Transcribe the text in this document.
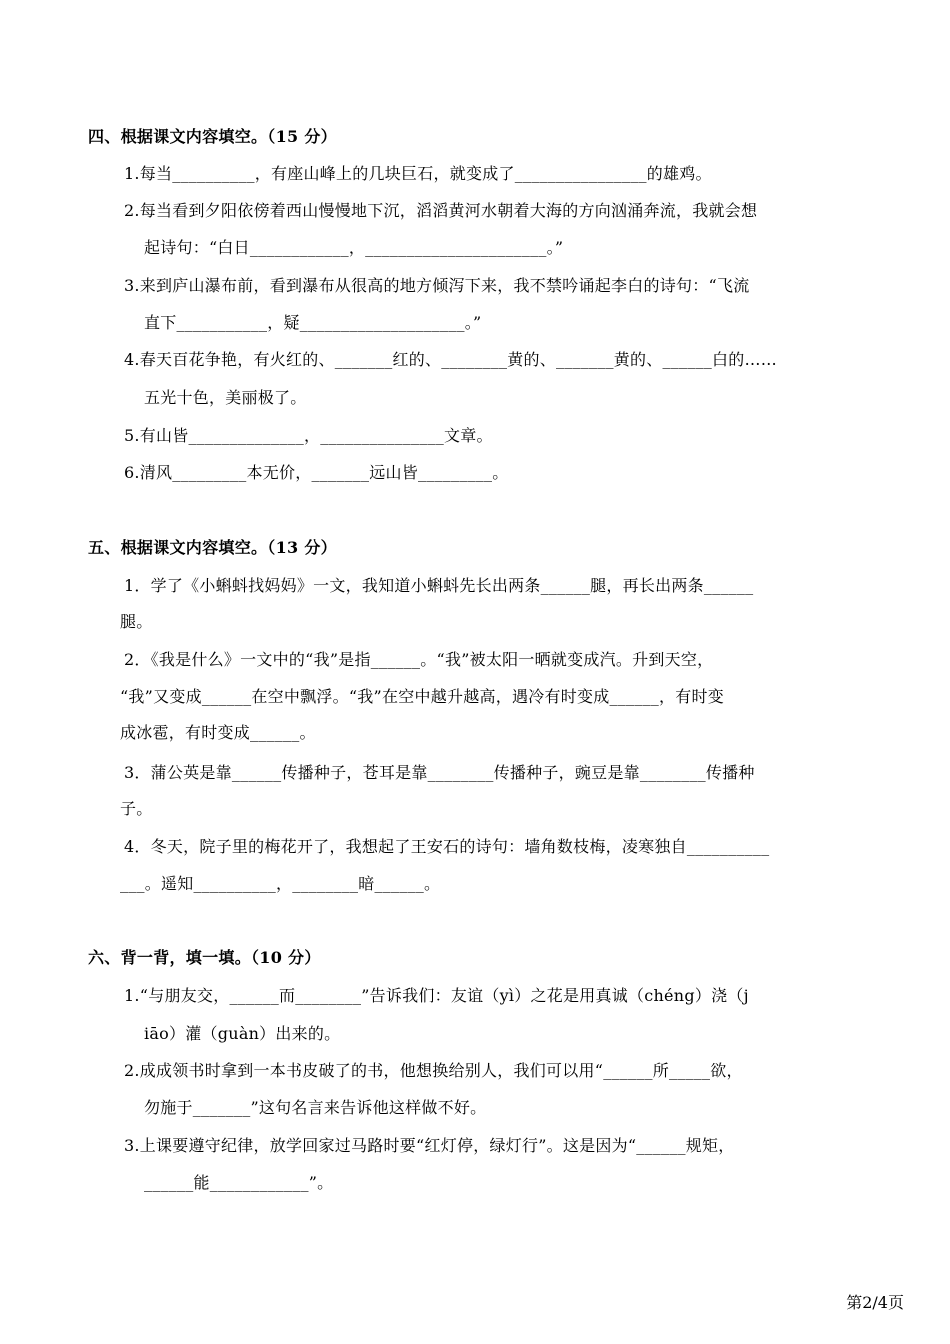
四、根据课文内容填空。（15 分）
1.每当__________，有座山峰上的几块巨石，就变成了________________的雄鸡。
2.每当看到夕阳依傍着西山慢慢地下沉，滔滔黄河水朝着大海的方向汹涌奔流，我就会想
起诗句：“白日____________，______________________。”
3.来到庐山瀑布前，看到瀑布从很高的地方倾泻下来，我不禁吟诵起李白的诗句：“飞流
直下___________，疑____________________。”
4.春天百花争艳，有火红的、_______红的、________黄的、_______黄的、______白的……
五光十色，美丽极了。
5.有山皆______________，_______________文章。
6.清风_________本无价，_______远山皆_________。
五、根据课文内容填空。（13 分）
1．学了《小蝌蚪找妈妈》一文，我知道小蝌蚪先长出两条______腿，再长出两条______
腿。
2．《我是什么》一文中的“我”是指______。“我”被太阳一晒就变成汽。升到天空，
“我”又变成______在空中飘浮。“我”在空中越升越高，遇冷有时变成______，有时变
成冰雹，有时变成______。
3．蒲公英是靠______传播种子，苍耳是靠________传播种子，豌豆是靠________传播种
子。
4．冬天，院子里的梅花开了，我想起了王安石的诗句：墙角数枝梅，凌寒独自__________
___。遥知__________，________暗______。
六、背一背，填一填。（10 分）
1.“与朋友交，______而________”告诉我们：友谊（yì）之花是用真诚（chéng）浇（j
iāo）灌（guàn）出来的。
2.成成领书时拿到一本书皮破了的书，他想换给别人，我们可以用“______所_____欲，
勿施于_______”这句名言来告诉他这样做不好。
3.上课要遵守纪律，放学回家过马路时要“红灯停，绿灯行”。这是因为“______规矩，
______能____________”。
第2/4页
